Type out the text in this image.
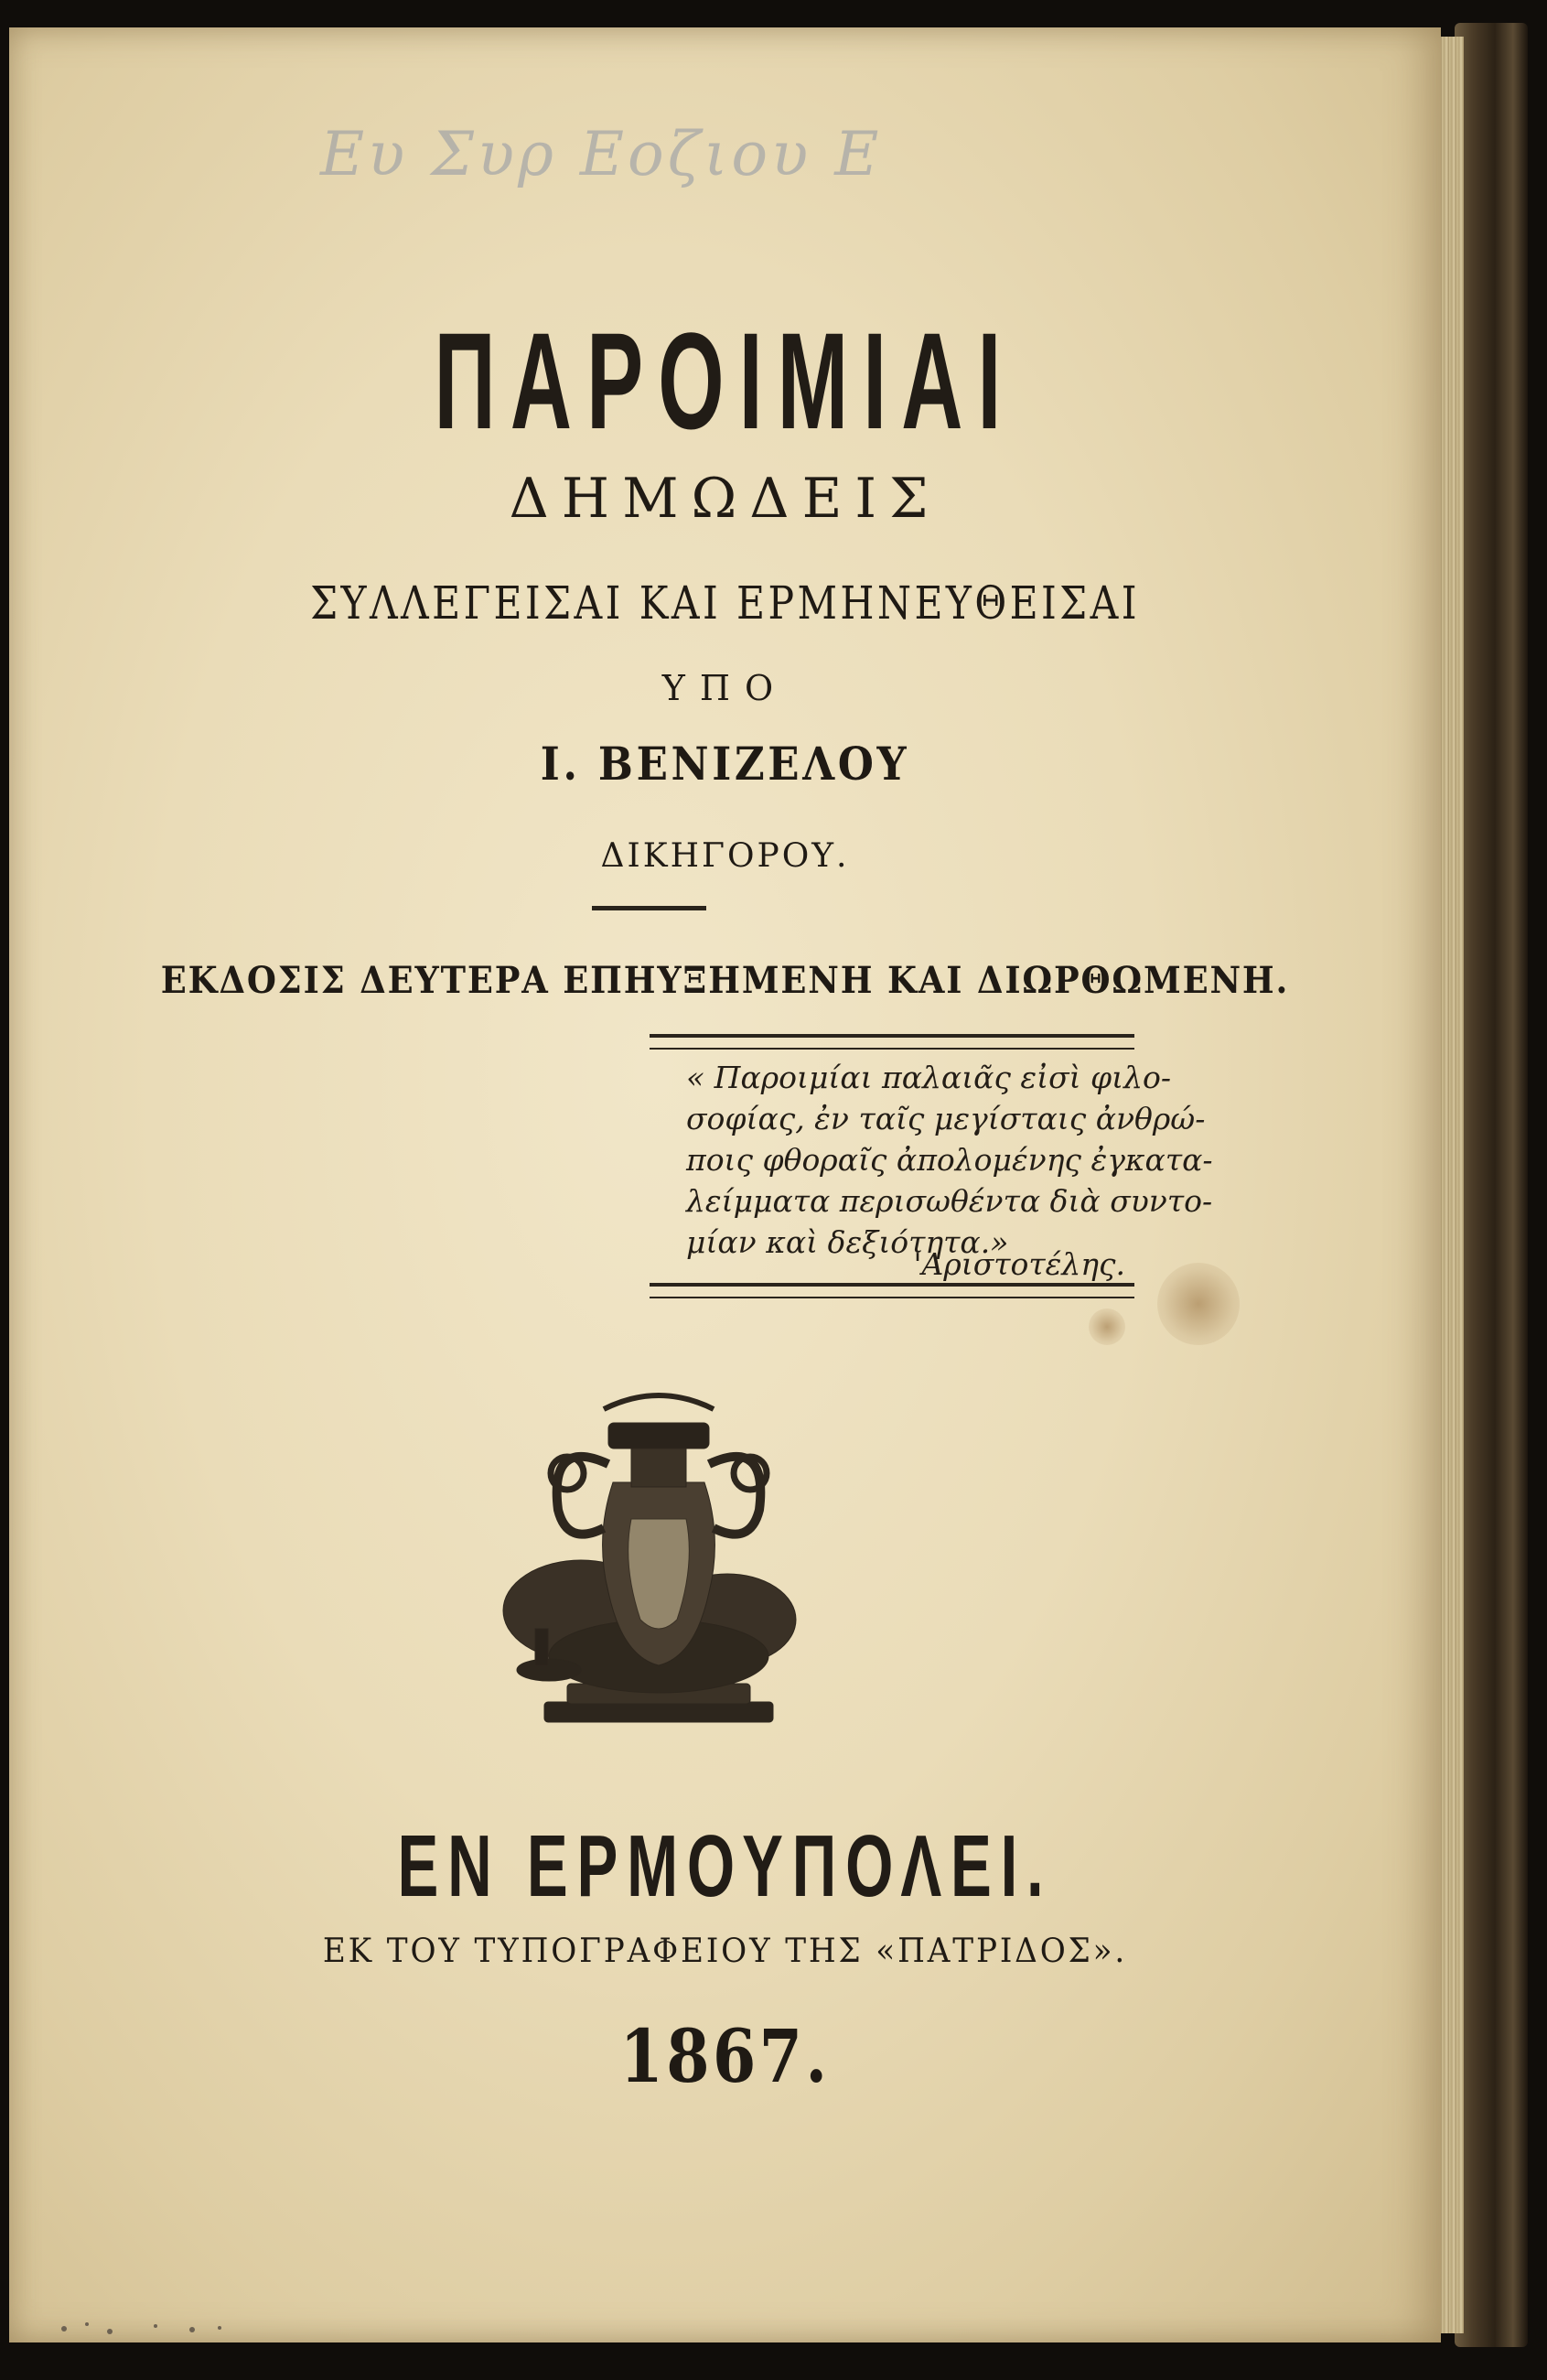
Ευ Συρ Εοζιου Ε
ΠΑΡΟΙΜΙΑΙ
ΔΗΜΩΔΕΙΣ
ΣΥΛΛΕΓΕΙΣΑΙ ΚΑΙ ΕΡΜΗΝΕΥΘΕΙΣΑΙ
ΥΠΟ
Ι. ΒΕΝΙΖΕΛΟΥ
ΔΙΚΗΓΟΡΟΥ.
ΕΚΔΟΣΙΣ ΔΕΥΤΕΡΑ ΕΠΗΥΞΗΜΕΝΗ ΚΑΙ ΔΙΩΡΘΩΜΕΝΗ.
« Παροιμίαι παλαιᾶς εἰσὶ φιλο-
σοφίας, ἐν ταῖς μεγίσταις ἀνθρώ-
ποις φθοραῖς ἀπολομένης ἐγκατα-
λείμματα περισωθέντα διὰ συντο-
μίαν καὶ δεξιότητα.»
'Αριστοτέλης.
ΕΝ ΕΡΜΟΥΠΟΛΕΙ.
ΕΚ ΤΟΥ ΤΥΠΟΓΡΑΦΕΙΟΥ ΤΗΣ «ΠΑΤΡΙΔΟΣ».
1867.
